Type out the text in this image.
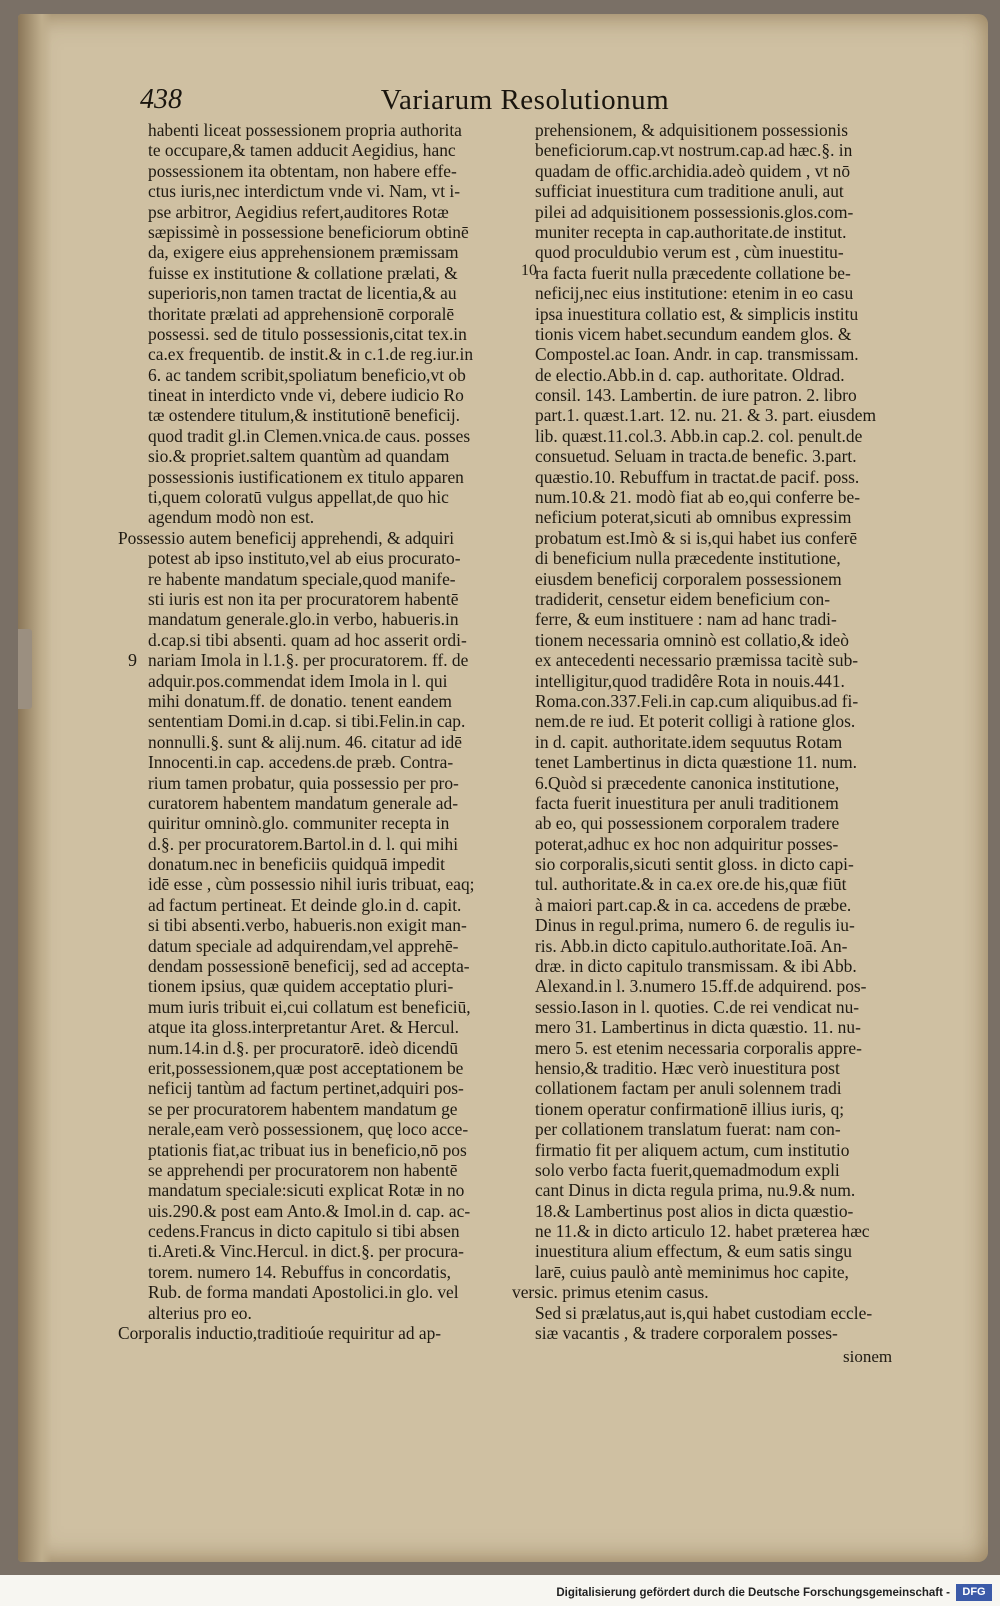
438	Variarum Resolutionum
habenti liceat possessionem propria authorita
te occupare,& tamen adducit Aegidius, hanc
possessionem ita obtentam, non habere effe-
ctus iuris,nec interdictum vnde vi. Nam, vt i-
pse arbitror, Aegidius refert,auditores Rotæ
sæpissimè in possessione beneficiorum obtinē
da, exigere eius apprehensionem præmissam
fuisse ex institutione & collatione prælati, &
superioris,non tamen tractat de licentia,& au
thoritate prælati ad apprehensionē corporalē
possessi. sed de titulo possessionis,citat tex.in
ca.ex frequentib. de instit.& in c.1.de reg.iur.in
6. ac tandem scribit,spoliatum beneficio,vt ob
tineat in interdicto vnde vi, debere iudicio Ro
tæ ostendere titulum,& institutionē beneficij.
quod tradit gl.in Clemen.vnica.de caus. posses
sio.& propriet.saltem quantùm ad quandam
possessionis iustificationem ex titulo apparen
ti,quem coloratū vulgus appellat,de quo hic
agendum modò non est.
Possessio autem beneficij apprehendi, & adquiri
potest ab ipso instituto,vel ab eius procurato-
re habente mandatum speciale,quod manife-
sti iuris est non ita per procuratorem habentē
mandatum generale.glo.in verbo, habueris.in
d.cap.si tibi absenti. quam ad hoc asserit ordi-
nariam Imola in l.1.§. per procuratorem. ff. de
adquir.pos.commendat idem Imola in l. qui
mihi donatum.ff. de donatio. tenent eandem
sententiam Domi.in d.cap. si tibi.Felin.in cap.
nonnulli.§. sunt & alij.num. 46. citatur ad idē
Innocenti.in cap. accedens.de præb. Contra-
rium tamen probatur, quia possessio per pro-
curatorem habentem mandatum generale ad-
quiritur omninò.glo. communiter recepta in
d.§. per procuratorem.Bartol.in d. l. qui mihi
donatum.nec in beneficiis quidquā impedit
idē esse , cùm possessio nihil iuris tribuat, eaq;
ad factum pertineat. Et deinde glo.in d. capit.
si tibi absenti.verbo, habueris.non exigit man-
datum speciale ad adquirendam,vel apprehē-
dendam possessionē beneficij, sed ad accepta-
tionem ipsius, quæ quidem acceptatio pluri-
mum iuris tribuit ei,cui collatum est beneficiū,
atque ita gloss.interpretantur Aret. & Hercul.
num.14.in d.§. per procuratorē. ideò dicendū
erit,possessionem,quæ post acceptationem be
neficij tantùm ad factum pertinet,adquiri pos-
se per procuratorem habentem mandatum ge
nerale,eam verò possessionem, quę loco acce-
ptationis fiat,ac tribuat ius in beneficio,nō pos
se apprehendi per procuratorem non habentē
mandatum speciale:sicuti explicat Rotæ in no
uis.290.& post eam Anto.& Imol.in d. cap. ac-
cedens.Francus in dicto capitulo si tibi absen
ti.Areti.& Vinc.Hercul. in dict.§. per procura-
torem. numero 14. Rebuffus in concordatis,
Rub. de forma mandati Apostolici.in glo. vel
alterius pro eo.
Corporalis inductio,traditioúe requiritur ad ap-
prehensionem, & adquisitionem possessionis
beneficiorum.cap.vt nostrum.cap.ad hæc.§. in
quadam de offic.archidia.adeò quidem , vt nō
sufficiat inuestitura cum traditione anuli, aut
pilei ad adquisitionem possessionis.glos.com-
muniter recepta in cap.authoritate.de institut.
quod proculdubio verum est , cùm inuestitu-
ra facta fuerit nulla præcedente collatione be-
neficij,nec eius institutione: etenim in eo casu
ipsa inuestitura collatio est, & simplicis institu
tionis vicem habet.secundum eandem glos. &
Compostel.ac Ioan. Andr. in cap. transmissam.
de electio.Abb.in d. cap. authoritate. Oldrad.
consil. 143. Lambertin. de iure patron. 2. libro
part.1. quæst.1.art. 12. nu. 21. & 3. part. eiusdem
lib. quæst.11.col.3. Abb.in cap.2. col. penult.de
consuetud. Seluam in tracta.de benefic. 3.part.
quæstio.10. Rebuffum in tractat.de pacif. poss.
num.10.& 21. modò fiat ab eo,qui conferre be-
neficium poterat,sicuti ab omnibus expressim
probatum est.Imò & si is,qui habet ius conferē
di beneficium nulla præcedente institutione,
eiusdem beneficij corporalem possessionem
tradiderit, censetur eidem beneficium con-
ferre, & eum instituere : nam ad hanc tradi-
tionem necessaria omninò est collatio,& ideò
ex antecedenti necessario præmissa tacitè sub-
intelligitur,quod tradidêre Rota in nouis.441.
Roma.con.337.Feli.in cap.cum aliquibus.ad fi-
nem.de re iud. Et poterit colligi à ratione glos.
in d. capit. authoritate.idem sequutus Rotam
tenet Lambertinus in dicta quæstione 11. num.
6.Quòd si præcedente canonica institutione,
facta fuerit inuestitura per anuli traditionem
ab eo, qui possessionem corporalem tradere
poterat,adhuc ex hoc non adquiritur posses-
sio corporalis,sicuti sentit gloss. in dicto capi-
tul. authoritate.& in ca.ex ore.de his,quæ fiūt
à maiori part.cap.& in ca. accedens de præbe.
Dinus in regul.prima, numero 6. de regulis iu-
ris. Abb.in dicto capitulo.authoritate.Ioā. An-
dræ. in dicto capitulo transmissam. & ibi Abb.
Alexand.in l. 3.numero 15.ff.de adquirend. pos-
sessio.Iason in l. quoties. C.de rei vendicat nu-
mero 31. Lambertinus in dicta quæstio. 11. nu-
mero 5. est etenim necessaria corporalis appre-
hensio,& traditio. Hæc verò inuestitura post
collationem factam per anuli solennem tradi
tionem operatur confirmationē illius iuris, q;
per collationem translatum fuerat: nam con-
firmatio fit per aliquem actum, cum institutio
solo verbo facta fuerit,quemadmodum expli
cant Dinus in dicta regula prima, nu.9.& num.
18.& Lambertinus post alios in dicta quæstio-
ne 11.& in dicto articulo 12. habet præterea hæc
inuestitura alium effectum, & eum satis singu
larē, cuius paulò antè meminimus hoc capite,
versic. primus etenim casus.
Sed si prælatus,aut is,qui habet custodiam eccle-
siæ vacantis , & tradere corporalem posses-
9
10
sionem
Digitalisierung gefördert durch die Deutsche Forschungsgemeinschaft -	DFG
